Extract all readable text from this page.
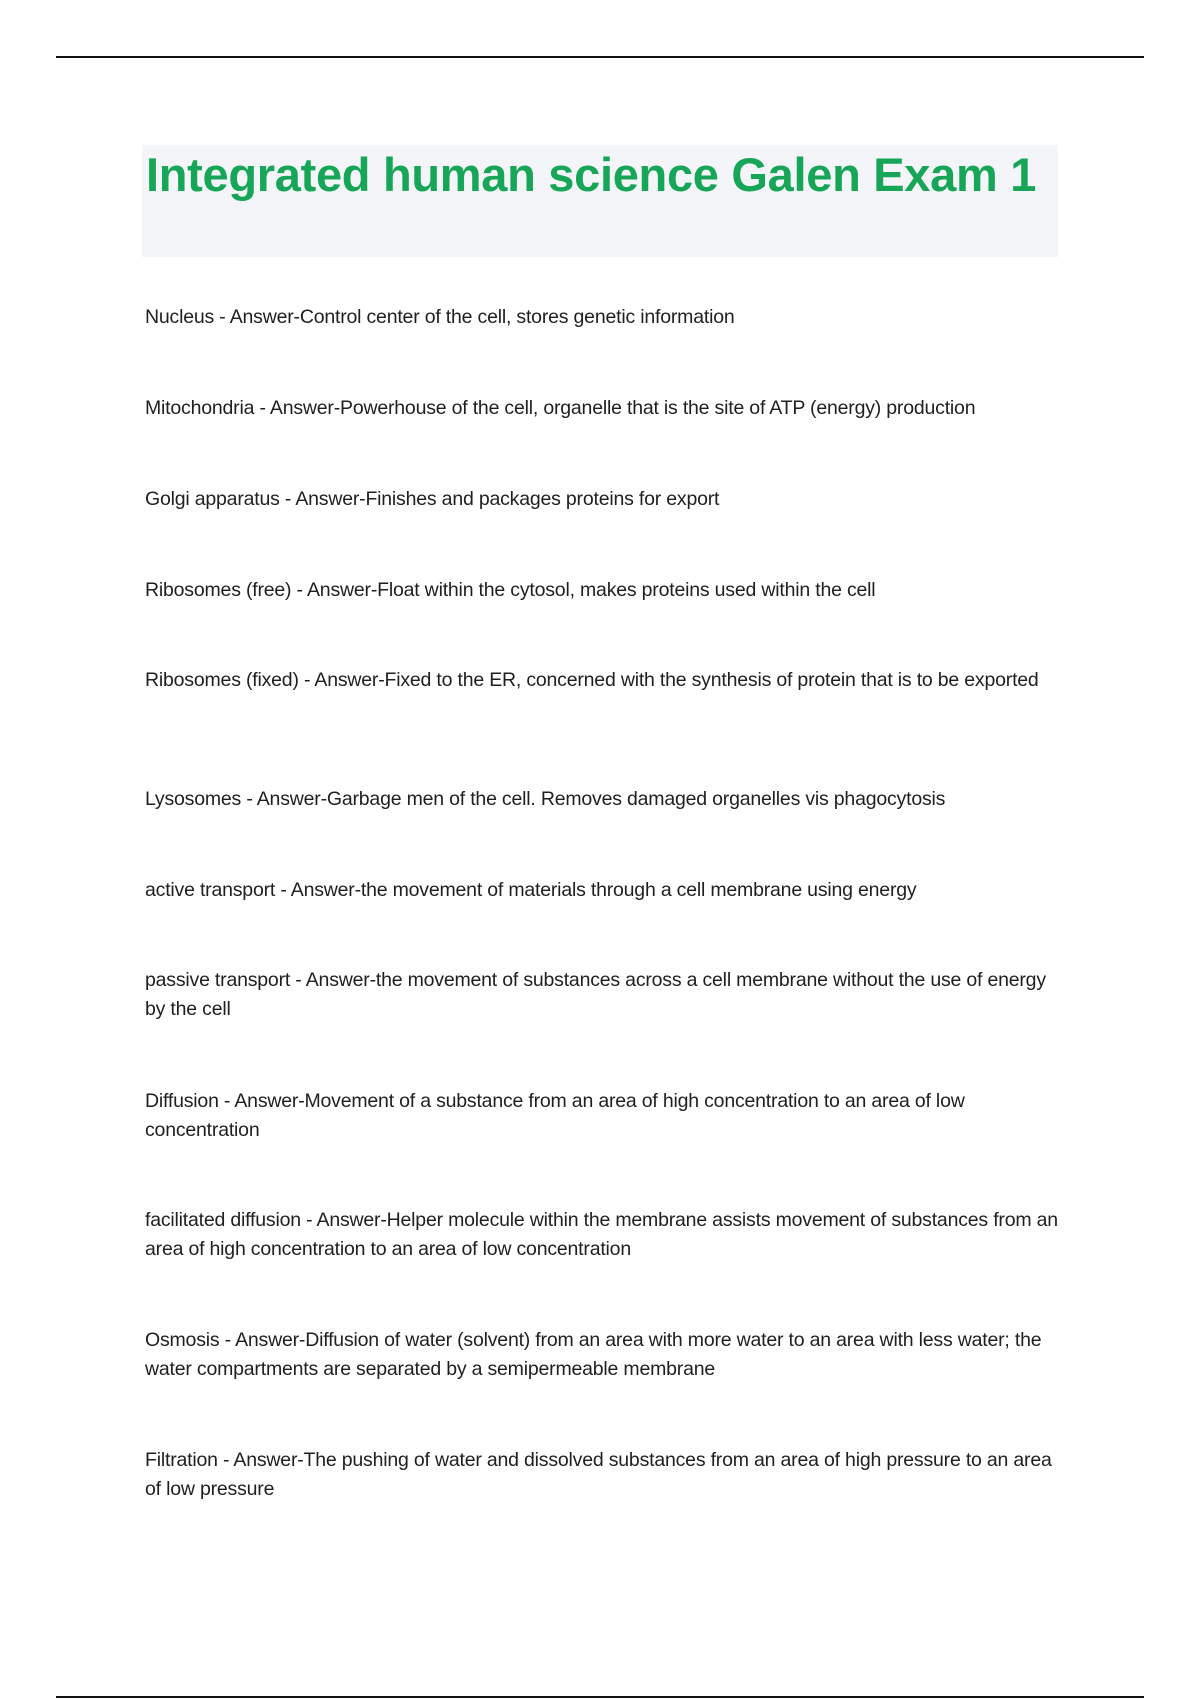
Integrated human science Galen Exam 1

Nucleus - Answer-Control center of the cell, stores genetic information

Mitochondria - Answer-Powerhouse of the cell, organelle that is the site of ATP (energy) production

Golgi apparatus - Answer-Finishes and packages proteins for export

Ribosomes (free) - Answer-Float within the cytosol, makes proteins used within the cell

Ribosomes (fixed) - Answer-Fixed to the ER, concerned with the synthesis of protein that is to be exported

Lysosomes - Answer-Garbage men of the cell. Removes damaged organelles vis phagocytosis

active transport - Answer-the movement of materials through a cell membrane using energy

passive transport - Answer-the movement of substances across a cell membrane without the use of energy by the cell

Diffusion - Answer-Movement of a substance from an area of high concentration to an area of low concentration

facilitated diffusion - Answer-Helper molecule within the membrane assists movement of substances from an area of high concentration to an area of low concentration

Osmosis - Answer-Diffusion of water (solvent) from an area with more water to an area with less water; the water compartments are separated by a semipermeable membrane

Filtration - Answer-The pushing of water and dissolved substances from an area of high pressure to an area of low pressure
